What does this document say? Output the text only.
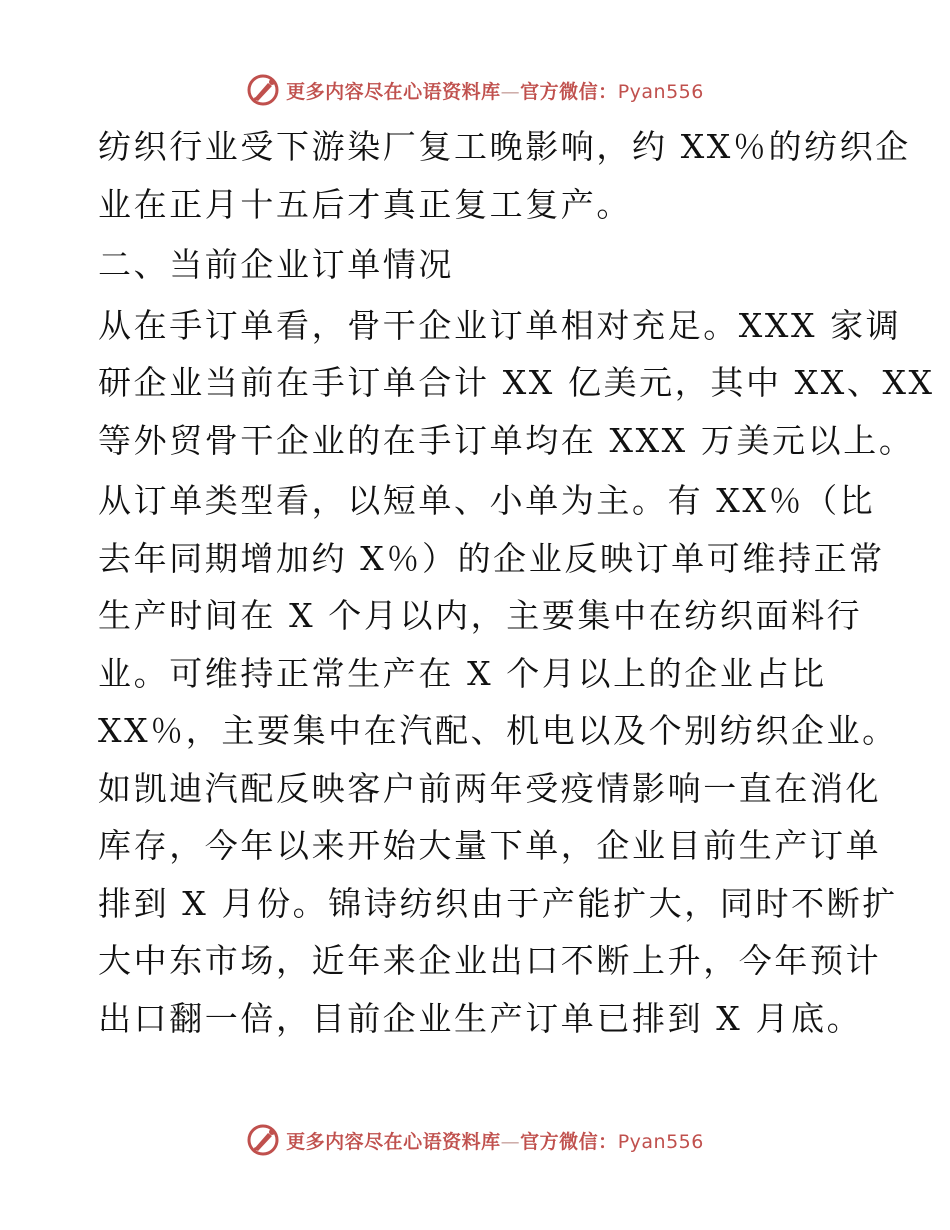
更多内容尽在心语资料库—官方微信：Pyan556
纺织行业受下游染厂复工晚影响，约 XX％的纺织企
业在正月十五后才真正复工复产。
二、当前企业订单情况
从在手订单看，骨干企业订单相对充足。XXX 家调
研企业当前在手订单合计 XX 亿美元，其中 XX、XX
等外贸骨干企业的在手订单均在 XXX 万美元以上。
从订单类型看，以短单、小单为主。有 XX％（比
去年同期增加约 X％）的企业反映订单可维持正常
生产时间在 X 个月以内，主要集中在纺织面料行
业。可维持正常生产在 X 个月以上的企业占比
XX％，主要集中在汽配、机电以及个别纺织企业。
如凯迪汽配反映客户前两年受疫情影响一直在消化
库存，今年以来开始大量下单，企业目前生产订单
排到 X 月份。锦诗纺织由于产能扩大，同时不断扩
大中东市场，近年来企业出口不断上升，今年预计
出口翻一倍，目前企业生产订单已排到 X 月底。
更多内容尽在心语资料库—官方微信：Pyan556
